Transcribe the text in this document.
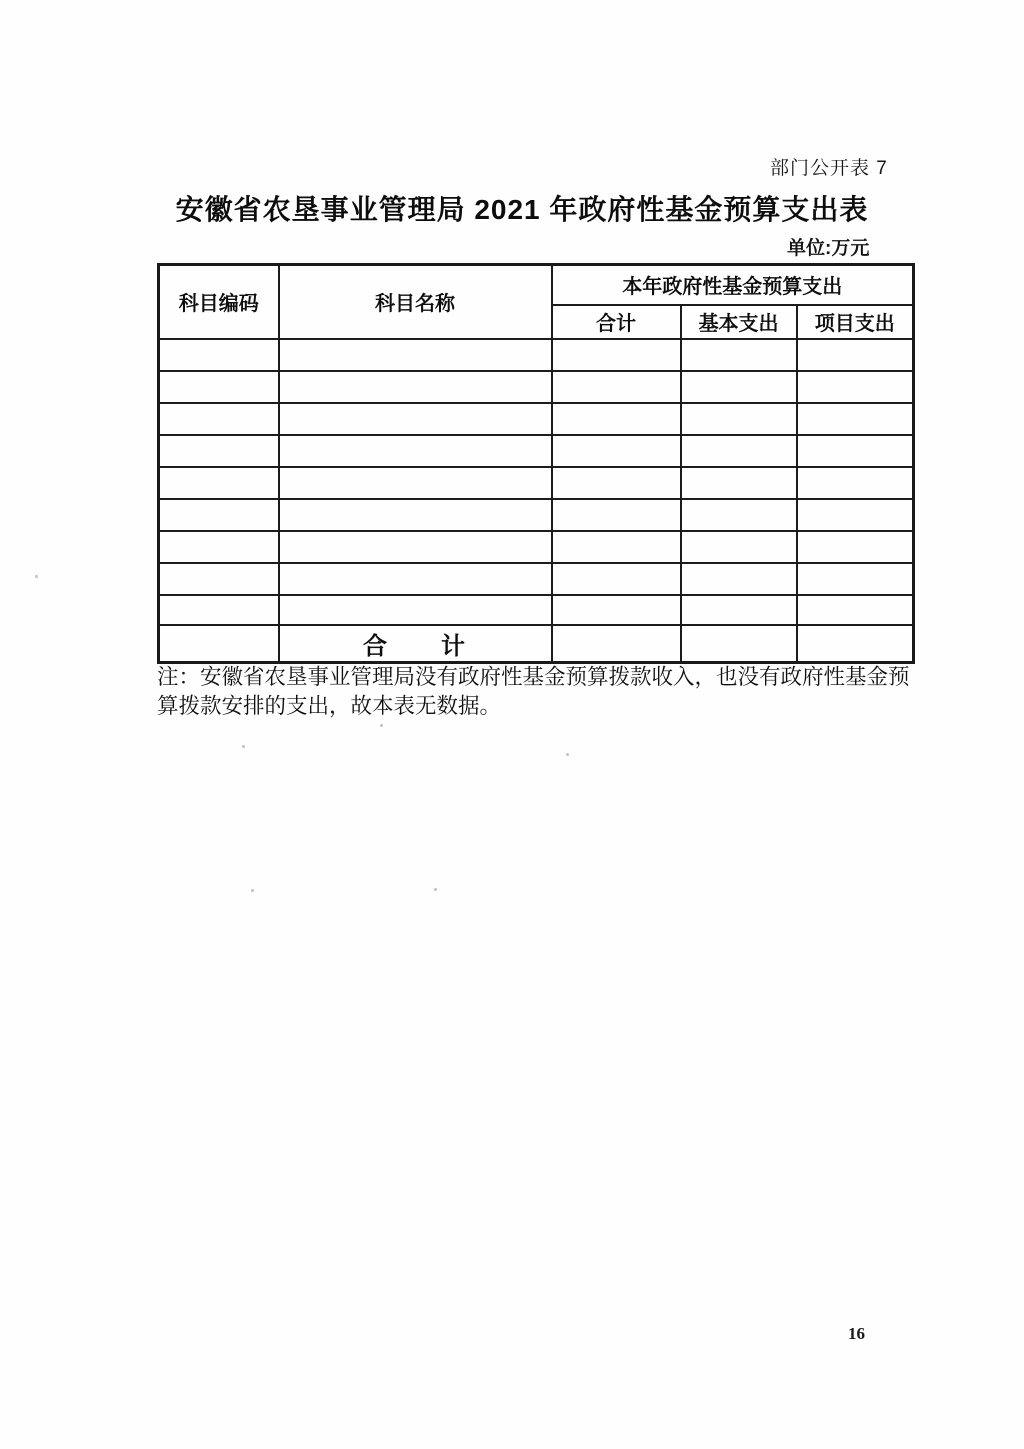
部门公开表 7
安徽省农垦事业管理局 2021 年政府性基金预算支出表
单位:万元
科目编码	科目名称	本年政府性基金预算支出		
		合计	基本支出	项目支出

	合　　计			

注：安徽省农垦事业管理局没有政府性基金预算拨款收入，也没有政府性基金预
算拨款安排的支出，故本表无数据。

16
